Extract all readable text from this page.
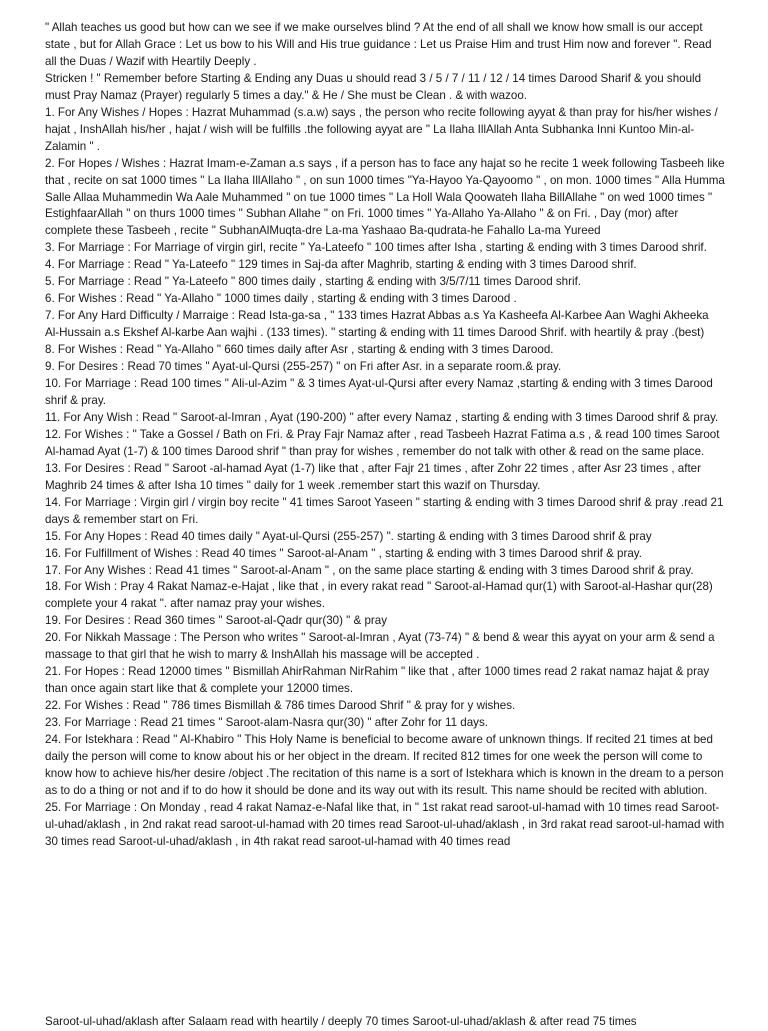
" Allah teaches us good but how can we see if we make ourselves blind ? At the end of all shall we know how small is our accept state , but for Allah Grace : Let us bow to his Will and His true guidance : Let us Praise Him and trust Him now and forever ". Read all the Duas / Wazif with Heartily Deeply .

Stricken ! " Remember before Starting & Ending any Duas u should read 3 / 5 / 7 / 11 / 12 / 14 times Darood Sharif & you should must Pray Namaz (Prayer) regularly 5 times a day." & He / She must be Clean . & with wazoo.

1. For Any Wishes / Hopes : Hazrat Muhammad (s.a.w) says , the person who recite following ayyat & than pray for his/her wishes / hajat , InshAllah his/her , hajat / wish will be fulfills .the following ayyat are " La Ilaha IllAllah Anta Subhanka Inni Kuntoo Min-al-Zalamin " .

2. For Hopes / Wishes : Hazrat Imam-e-Zaman a.s says , if a person has to face any hajat so he recite 1 week following Tasbeeh like that , recite on sat 1000 times " La Ilaha IllAllaho " , on sun 1000 times "Ya-Hayoo Ya-Qayoomo " , on mon. 1000 times " Alla Humma Salle Allaa Muhammedin Wa Aale Muhammed " on tue 1000 times " La Holl Wala Qoowateh Ilaha BillAllahe " on wed 1000 times " EstighfaarAllah " on thurs 1000 times " Subhan Allahe " on Fri. 1000 times " Ya-Allaho Ya-Allaho " & on Fri. , Day (mor) after complete these Tasbeeh , recite " SubhanAlMuqta-dre La-ma Yashaao Ba-qudrata-he Fahallo La-ma Yureed

3. For Marriage : For Marriage of virgin girl, recite " Ya-Lateefo " 100 times after Isha , starting & ending with 3 times Darood shrif.

4. For Marriage : Read " Ya-Lateefo " 129 times in Saj-da after Maghrib, starting & ending with 3 times Darood shrif.

5. For Marriage : Read " Ya-Lateefo " 800 times daily , starting & ending with 3/5/7/11 times Darood shrif.

6. For Wishes : Read " Ya-Allaho " 1000 times daily , starting & ending with 3 times Darood .

7. For Any Hard Difficulty / Marraige : Read Ista-ga-sa , " 133 times Hazrat Abbas a.s Ya Kasheefa Al-Karbee Aan Waghi Akheeka Al-Hussain a.s Ekshef Al-karbe Aan wajhi . (133 times). " starting & ending with 11 times Darood Shrif. with heartily & pray .(best)

8. For Wishes : Read " Ya-Allaho " 660 times daily after Asr , starting & ending with 3 times Darood.

9. For Desires : Read 70 times " Ayat-ul-Qursi (255-257) " on Fri after Asr. in a separate room.& pray.

10. For Marriage : Read 100 times " Ali-ul-Azim " & 3 times Ayat-ul-Qursi after every Namaz ,starting & ending with 3 times Darood shrif & pray.

11. For Any Wish : Read " Saroot-al-Imran , Ayat (190-200) " after every Namaz , starting & ending with 3 times Darood shrif & pray.

12. For Wishes : " Take a Gossel / Bath on Fri. & Pray Fajr Namaz after , read Tasbeeh Hazrat Fatima a.s , & read 100 times Saroot Al-hamad Ayat (1-7) & 100 times Darood shrif " than pray for wishes , remember do not talk with other & read on the same place.

13. For Desires : Read " Saroot -al-hamad Ayat (1-7) like that , after Fajr 21 times , after Zohr 22 times , after Asr 23 times , after Maghrib 24 times & after Isha 10 times " daily for 1 week .remember start this wazif on Thursday.

14. For Marriage : Virgin girl / virgin boy recite " 41 times Saroot Yaseen " starting & ending with 3 times Darood shrif & pray .read 21 days & remember start on Fri.

15. For Any Hopes : Read 40 times daily " Ayat-ul-Qursi (255-257) ". starting & ending with 3 times Darood shrif & pray

16. For Fulfillment of Wishes : Read 40 times " Saroot-al-Anam " , starting & ending with 3 times Darood shrif & pray.

17. For Any Wishes : Read 41 times " Saroot-al-Anam " , on the same place starting & ending with 3 times Darood shrif & pray.

18. For Wish : Pray 4 Rakat Namaz-e-Hajat , like that , in every rakat read " Saroot-al-Hamad qur(1) with Saroot-al-Hashar qur(28) complete your 4 rakat ". after namaz pray your wishes.

19. For Desires : Read 360 times " Saroot-al-Qadr qur(30) " & pray

20. For Nikkah Massage : The Person who writes " Saroot-al-Imran , Ayat (73-74) " & bend & wear this ayyat on your arm & send a massage to that girl that he wish to marry & InshAllah his massage will be accepted .

21. For Hopes : Read 12000 times " Bismillah AhirRahman NirRahim " like that , after 1000 times read 2 rakat namaz hajat & pray than once again start like that & complete your 12000 times.

22. For Wishes : Read " 786 times Bismillah & 786 times Darood Shrif " & pray for y wishes.

23. For Marriage : Read 21 times " Saroot-alam-Nasra qur(30) " after Zohr for 11 days.

24. For Istekhara : Read " Al-Khabiro " This Holy Name is beneficial to become aware of unknown things. If recited 21 times at bed daily the person will come to know about his or her object in the dream. If recited 812 times for one week the person will come to know how to achieve his/her desire /object .The recitation of this name is a sort of Istekhara which is known in the dream to a person as to do a thing or not and if to do how it should be done and its way out with its result. This name should be recited with ablution.

25. For Marriage : On Monday , read 4 rakat Namaz-e-Nafal like that, in " 1st rakat read saroot-ul-hamad with 10 times read Saroot-ul-uhad/aklash , in 2nd rakat read saroot-ul-hamad with 20 times read Saroot-ul-uhad/aklash , in 3rd rakat read saroot-ul-hamad with 30 times read Saroot-ul-uhad/aklash , in 4th rakat read saroot-ul-hamad with 40 times read

Saroot-ul-uhad/aklash after Salaam read with heartily / deeply 70 times Saroot-ul-uhad/aklash & after read 75 times
